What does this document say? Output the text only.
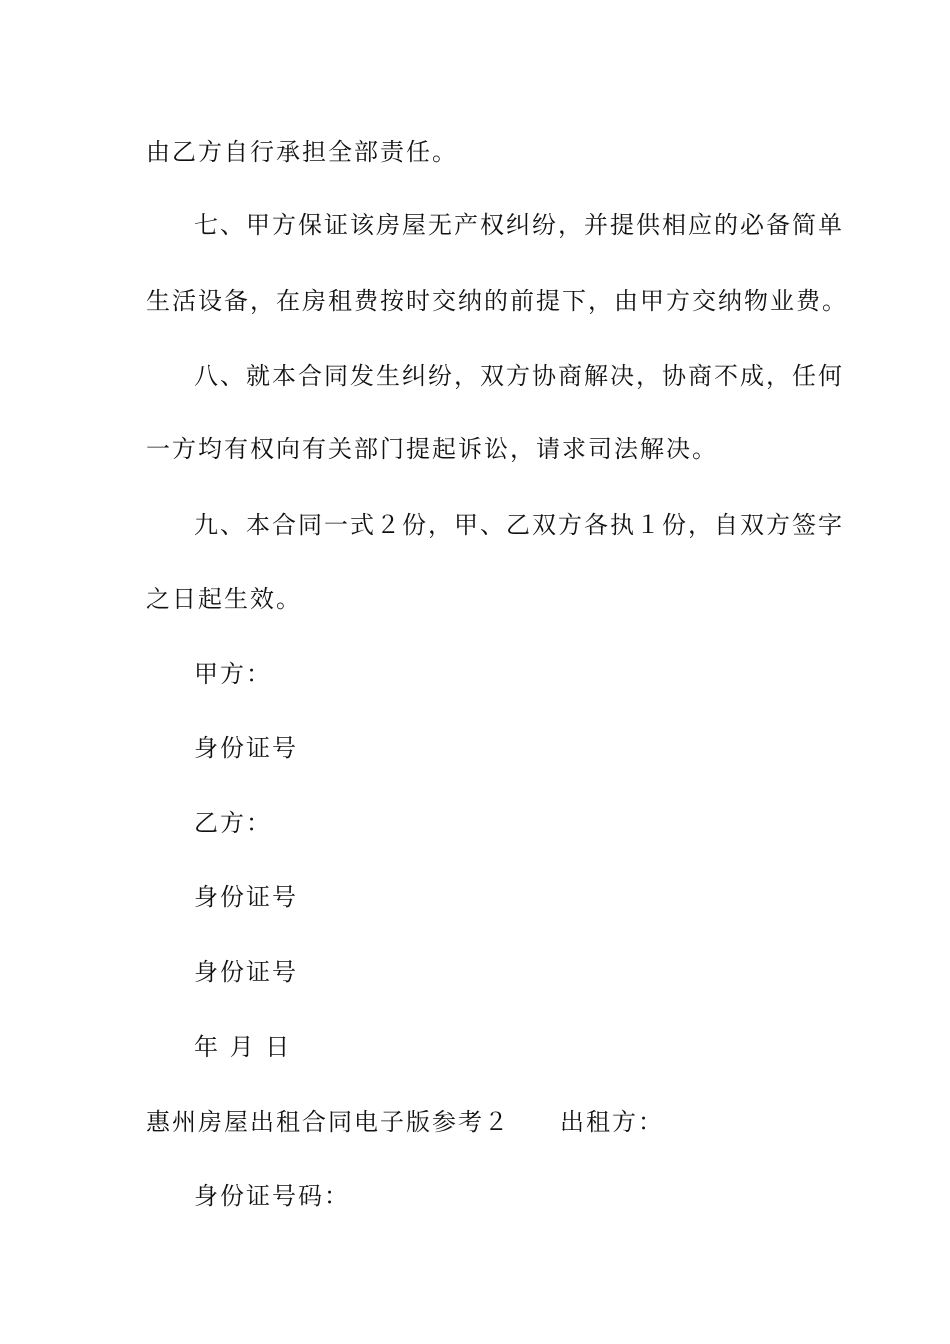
由乙方自行承担全部责任。
七、甲方保证该房屋无产权纠纷，并提供相应的必备简单
生活设备，在房租费按时交纳的前提下，由甲方交纳物业费。
八、就本合同发生纠纷，双方协商解决，协商不成，任何
一方均有权向有关部门提起诉讼，请求司法解决。
九、本合同一式２份，甲、乙双方各执１份，自双方签字
之日起生效。
甲方：
身份证号
乙方：
身份证号
身份证号
年 月 日
惠州房屋出租合同电子版参考２ 出租方：
身份证号码：
